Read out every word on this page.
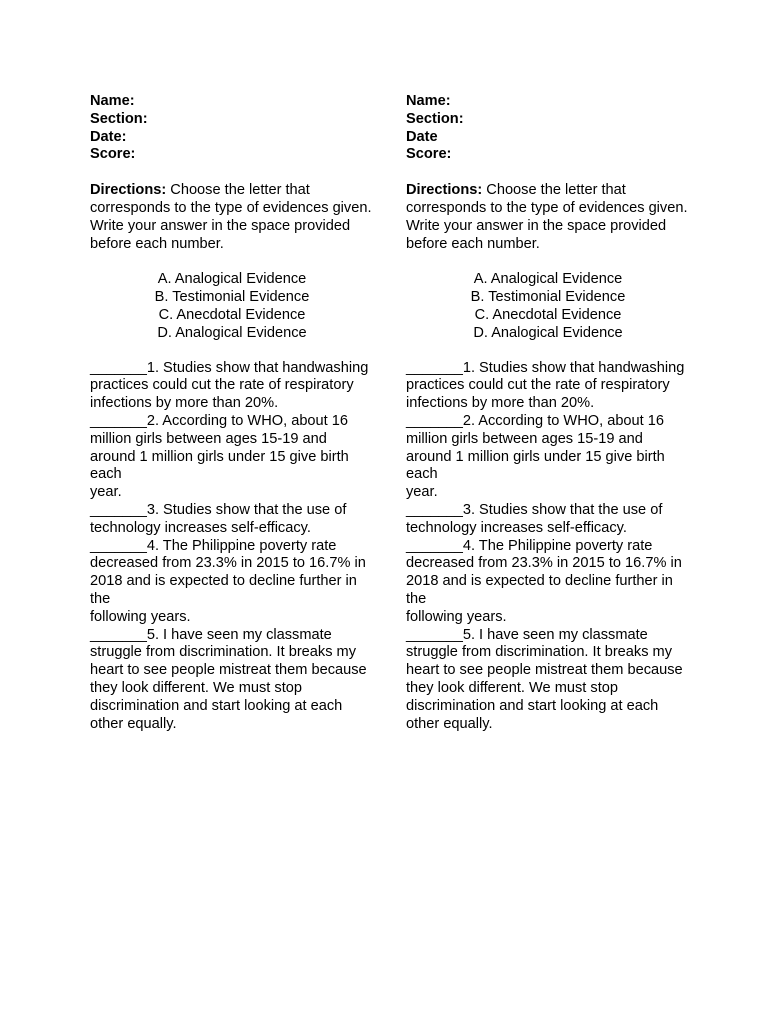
Name:
Section:
Date:
Score:
Directions: Choose the letter that corresponds to the type of evidences given. Write your answer in the space provided before each number.
A. Analogical Evidence
B. Testimonial Evidence
C. Anecdotal Evidence
D. Analogical Evidence
_______1. Studies show that handwashing practices could cut the rate of respiratory infections by more than 20%.
_______2. According to WHO, about 16 million girls between ages 15-19 and around 1 million girls under 15 give birth each
year.
_______3. Studies show that the use of technology increases self-efficacy.
_______4. The Philippine poverty rate decreased from 23.3% in 2015 to 16.7% in 2018 and is expected to decline further in the
following years.
_______5. I have seen my classmate struggle from discrimination. It breaks my heart to see people mistreat them because they look different. We must stop discrimination and start looking at each other equally.
Name:
Section:
Date
Score:
Directions: Choose the letter that corresponds to the type of evidences given. Write your answer in the space provided before each number.
A. Analogical Evidence
B. Testimonial Evidence
C. Anecdotal Evidence
D. Analogical Evidence
_______1. Studies show that handwashing practices could cut the rate of respiratory infections by more than 20%.
_______2. According to WHO, about 16 million girls between ages 15-19 and around 1 million girls under 15 give birth each
year.
_______3. Studies show that the use of technology increases self-efficacy.
_______4. The Philippine poverty rate decreased from 23.3% in 2015 to 16.7% in 2018 and is expected to decline further in the
following years.
_______5. I have seen my classmate struggle from discrimination. It breaks my heart to see people mistreat them because they look different. We must stop discrimination and start looking at each other equally.
